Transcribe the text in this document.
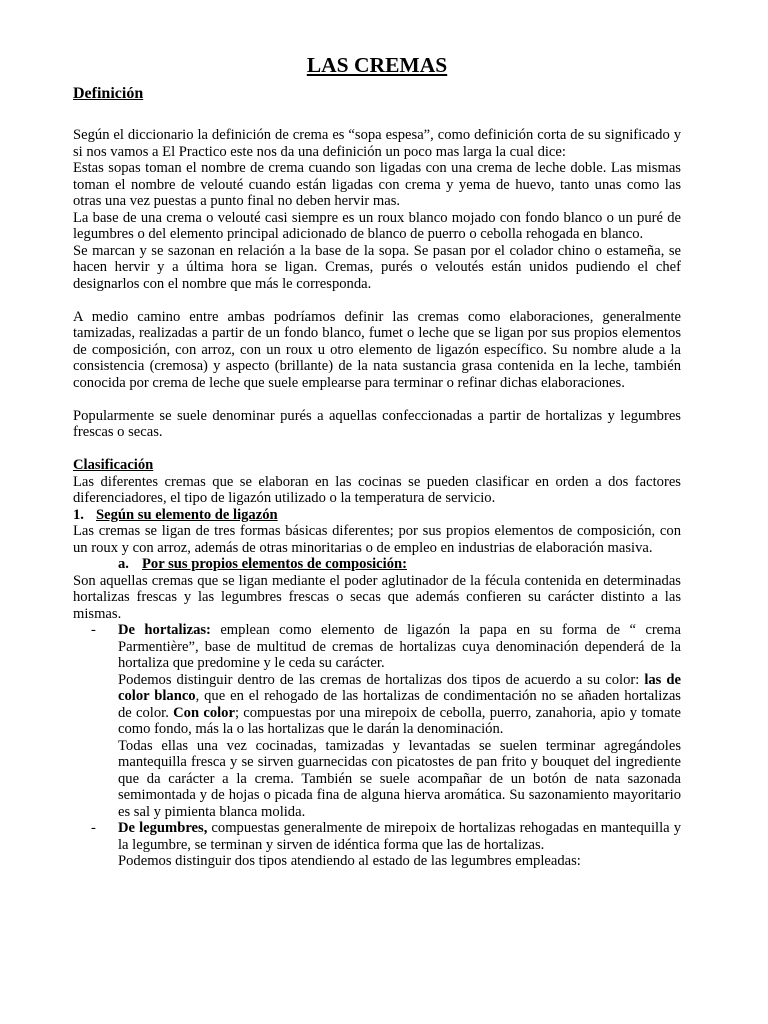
LAS CREMAS
Definición

Según el diccionario la definición de crema es “sopa espesa”, como definición corta de su significado y si nos vamos a El Practico este nos da una definición un poco mas larga la cual dice:

Estas sopas toman el nombre de crema cuando son ligadas con una crema de leche doble. Las mismas toman el nombre de velouté cuando están ligadas con crema y yema de huevo, tanto unas como las otras una vez puestas a punto final no deben hervir mas.

La base de una crema o velouté casi siempre es un roux blanco mojado con fondo blanco o un puré de legumbres o del elemento principal adicionado de blanco de puerro o cebolla rehogada en blanco.

Se marcan y se sazonan en relación a la base de la sopa. Se pasan por el colador chino o estameña, se hacen hervir y a última hora se ligan. Cremas, purés o veloutés están unidos pudiendo el chef designarlos con el nombre que más le corresponda.

A medio camino entre ambas podríamos definir las cremas como elaboraciones, generalmente tamizadas, realizadas a partir de un fondo blanco, fumet o leche que se ligan por sus propios elementos de composición, con arroz, con un roux u otro elemento de ligazón específico. Su nombre alude a la consistencia (cremosa) y aspecto (brillante) de la nata sustancia grasa contenida en la leche, también conocida por crema de leche que suele emplearse para terminar o refinar dichas elaboraciones.

Popularmente se suele denominar purés a aquellas confeccionadas a partir de hortalizas y legumbres frescas o secas.

Clasificación

Las diferentes cremas que se elaboran en las cocinas se pueden clasificar en orden a dos factores diferenciadores, el tipo de ligazón utilizado o la temperatura de servicio.

1. Según su elemento de ligazón

Las cremas se ligan de tres formas básicas diferentes; por sus propios elementos de composición, con un roux y con arroz, además de otras minoritarias o de empleo en industrias de elaboración masiva.

a. Por sus propios elementos de composición:

Son aquellas cremas que se ligan mediante el poder aglutinador de la fécula contenida en determinadas hortalizas frescas y las legumbres frescas o secas que además confieren su carácter distinto a las mismas.

-	De hortalizas: emplean como elemento de ligazón la papa en su forma de “ crema Parmentière”, base de multitud de cremas de hortalizas cuya denominación dependerá de la hortaliza que predomine y le ceda su carácter.

Podemos distinguir dentro de las cremas de hortalizas dos tipos de acuerdo a su color: las de color blanco, que en el rehogado de las hortalizas de condimentación no se añaden hortalizas de color. Con color; compuestas por una mirepoix de cebolla, puerro, zanahoria, apio y tomate como fondo, más la o las hortalizas que le darán la denominación.

Todas ellas una vez cocinadas, tamizadas y levantadas se suelen terminar agregándoles mantequilla fresca y se sirven guarnecidas con picatostes de pan frito y bouquet del ingrediente que da carácter a la crema. También se suele acompañar de un botón de nata sazonada semimontada y de hojas o picada fina de alguna hierva aromática. Su sazonamiento mayoritario es sal y pimienta blanca molida.

-	De legumbres, compuestas generalmente de mirepoix de hortalizas rehogadas en mantequilla y la legumbre, se terminan y sirven de idéntica forma que las de hortalizas.

Podemos distinguir dos tipos atendiendo al estado de las legumbres empleadas:
